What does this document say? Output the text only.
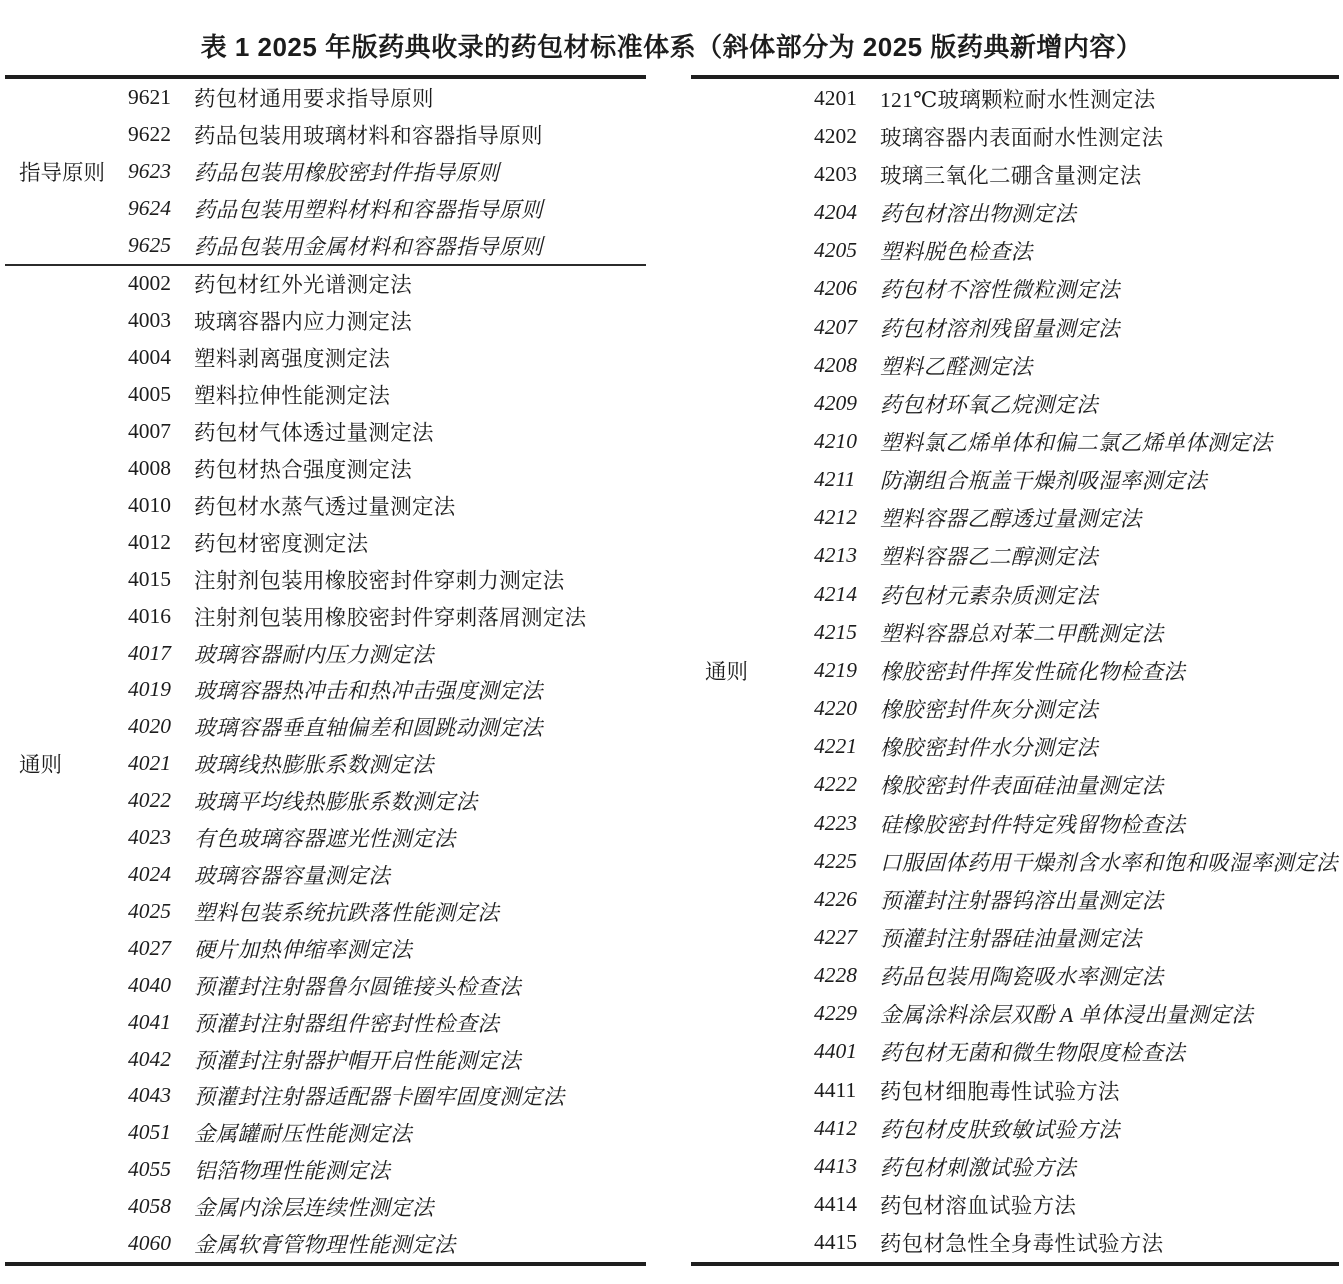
表 1 2025 年版药典收录的药包材标准体系（斜体部分为 2025 版药典新增内容）
指导原则
9621	药包材通用要求指导原则
9622	药品包装用玻璃材料和容器指导原则
9623	药品包装用橡胶密封件指导原则
9624	药品包装用塑料材料和容器指导原则
9625	药品包装用金属材料和容器指导原则
通则
4002	药包材红外光谱测定法
4003	玻璃容器内应力测定法
4004	塑料剥离强度测定法
4005	塑料拉伸性能测定法
4007	药包材气体透过量测定法
4008	药包材热合强度测定法
4010	药包材水蒸气透过量测定法
4012	药包材密度测定法
4015	注射剂包装用橡胶密封件穿刺力测定法
4016	注射剂包装用橡胶密封件穿刺落屑测定法
4017	玻璃容器耐内压力测定法
4019	玻璃容器热冲击和热冲击强度测定法
4020	玻璃容器垂直轴偏差和圆跳动测定法
4021	玻璃线热膨胀系数测定法
4022	玻璃平均线热膨胀系数测定法
4023	有色玻璃容器遮光性测定法
4024	玻璃容器容量测定法
4025	塑料包装系统抗跌落性能测定法
4027	硬片加热伸缩率测定法
4040	预灌封注射器鲁尔圆锥接头检查法
4041	预灌封注射器组件密封性检查法
4042	预灌封注射器护帽开启性能测定法
4043	预灌封注射器适配器卡圈牢固度测定法
4051	金属罐耐压性能测定法
4055	铝箔物理性能测定法
4058	金属内涂层连续性测定法
4060	金属软膏管物理性能测定法
通则
4201	121℃玻璃颗粒耐水性测定法
4202	玻璃容器内表面耐水性测定法
4203	玻璃三氧化二硼含量测定法
4204	药包材溶出物测定法
4205	塑料脱色检查法
4206	药包材不溶性微粒测定法
4207	药包材溶剂残留量测定法
4208	塑料乙醛测定法
4209	药包材环氧乙烷测定法
4210	塑料氯乙烯单体和偏二氯乙烯单体测定法
4211	防潮组合瓶盖干燥剂吸湿率测定法
4212	塑料容器乙醇透过量测定法
4213	塑料容器乙二醇测定法
4214	药包材元素杂质测定法
4215	塑料容器总对苯二甲酰测定法
4219	橡胶密封件挥发性硫化物检查法
4220	橡胶密封件灰分测定法
4221	橡胶密封件水分测定法
4222	橡胶密封件表面硅油量测定法
4223	硅橡胶密封件特定残留物检查法
4225	口服固体药用干燥剂含水率和饱和吸湿率测定法
4226	预灌封注射器钨溶出量测定法
4227	预灌封注射器硅油量测定法
4228	药品包装用陶瓷吸水率测定法
4229	金属涂料涂层双酚 A 单体浸出量测定法
4401	药包材无菌和微生物限度检查法
4411	药包材细胞毒性试验方法
4412	药包材皮肤致敏试验方法
4413	药包材刺激试验方法
4414	药包材溶血试验方法
4415	药包材急性全身毒性试验方法
